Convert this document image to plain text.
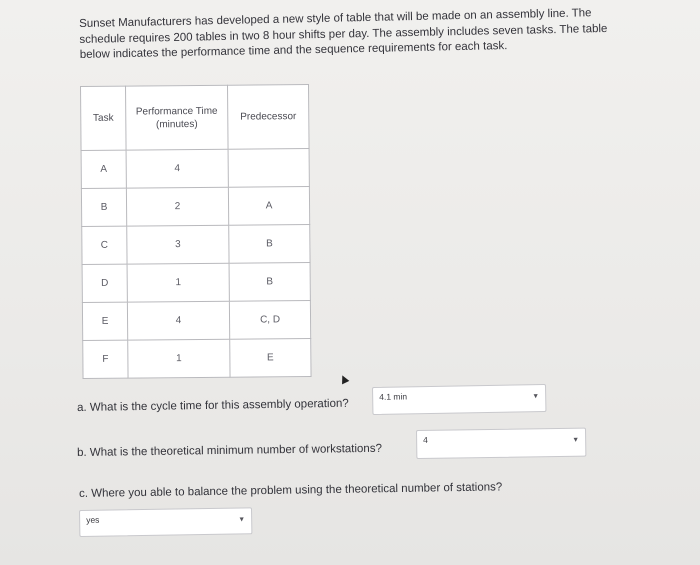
Sunset Manufacturers has developed a new style of table that will be made on an assembly line. The schedule requires 200 tables in two 8 hour shifts per day. The assembly includes seven tasks. The table below indicates the performance time and the sequence requirements for each task.
Task	Performance Time (minutes)	Predecessor
A	4	
B	2	A
C	3	B
D	1	B
E	4	C, D
F	1	E
a. What is the cycle time for this assembly operation?
4.1 min	▼
b. What is the theoretical minimum number of workstations?
4	▼
c. Where you able to balance the problem using the theoretical number of stations?
yes	▼
